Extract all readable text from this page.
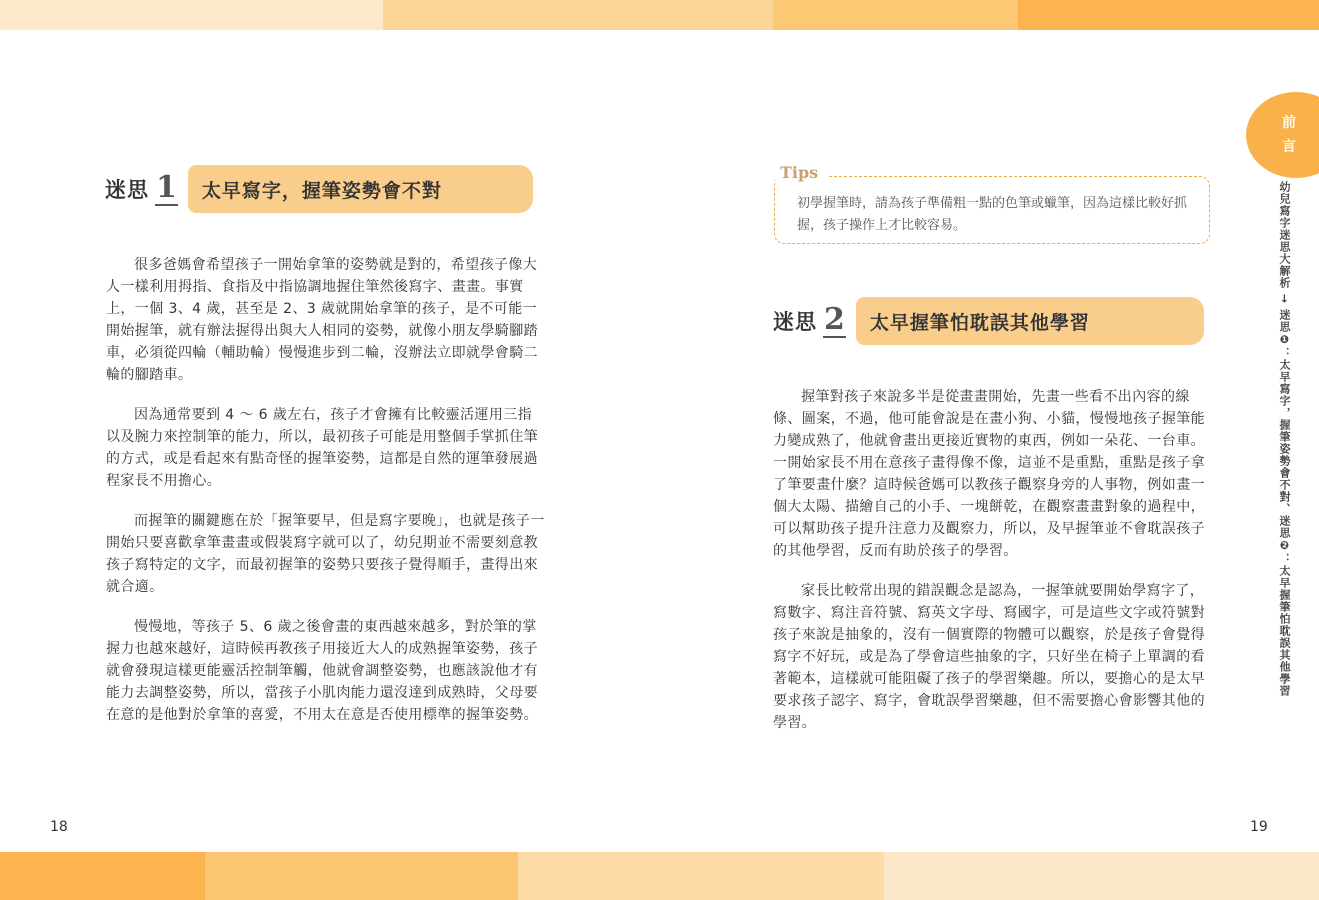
迷思 1	太早寫字，握筆姿勢會不對

很多爸媽會希望孩子一開始拿筆的姿勢就是對的，希望孩子像大人一樣利用拇指、食指及中指協調地握住筆然後寫字、畫畫。事實上，一個 3、4 歲，甚至是 2、3 歲就開始拿筆的孩子，是不可能一開始握筆，就有辦法握得出與大人相同的姿勢，就像小朋友學騎腳踏車，必須從四輪（輔助輪）慢慢進步到二輪，沒辦法立即就學會騎二輪的腳踏車。

因為通常要到 4 ～ 6 歲左右，孩子才會擁有比較靈活運用三指以及腕力來控制筆的能力，所以，最初孩子可能是用整個手掌抓住筆的方式，或是看起來有點奇怪的握筆姿勢，這都是自然的運筆發展過程家長不用擔心。

而握筆的關鍵應在於「握筆要早，但是寫字要晚」，也就是孩子一開始只要喜歡拿筆畫畫或假裝寫字就可以了，幼兒期並不需要刻意教孩子寫特定的文字，而最初握筆的姿勢只要孩子覺得順手，畫得出來就合適。

慢慢地，等孩子 5、6 歲之後會畫的東西越來越多，對於筆的掌握力也越來越好，這時候再教孩子用接近大人的成熟握筆姿勢，孩子就會發現這樣更能靈活控制筆觸，他就會調整姿勢，也應該說他才有能力去調整姿勢，所以，當孩子小肌肉能力還沒達到成熟時，父母要在意的是他對於拿筆的喜愛，不用太在意是否使用標準的握筆姿勢。

18
Tips
初學握筆時，請為孩子準備粗一點的色筆或蠟筆，因為這樣比較好抓握，孩子操作上才比較容易。
迷思 2	太早握筆怕耽誤其他學習

握筆對孩子來說多半是從畫畫開始，先畫一些看不出內容的線條、圖案，不過，他可能會說是在畫小狗、小貓，慢慢地孩子握筆能力變成熟了，他就會畫出更接近實物的東西，例如一朵花、一台車。一開始家長不用在意孩子畫得像不像，這並不是重點，重點是孩子拿了筆要畫什麼？這時候爸媽可以教孩子觀察身旁的人事物，例如畫一個大太陽、描繪自己的小手、一塊餅乾，在觀察畫畫對象的過程中，可以幫助孩子提升注意力及觀察力，所以，及早握筆並不會耽誤孩子的其他學習，反而有助於孩子的學習。

家長比較常出現的錯誤觀念是認為，一握筆就要開始學寫字了，寫數字、寫注音符號、寫英文字母、寫國字，可是這些文字或符號對孩子來說是抽象的，沒有一個實際的物體可以觀察，於是孩子會覺得寫字不好玩，或是為了學會這些抽象的字，只好坐在椅子上單調的看著範本，這樣就可能阻礙了孩子的學習樂趣。所以，要擔心的是太早要求孩子認字、寫字，會耽誤學習樂趣，但不需要擔心會影響其他的學習。

19
前
言
幼兒寫字迷思大解析 → 迷思❶：太早寫字，握筆姿勢會不對、迷思❷：太早握筆怕耽誤其他學習
